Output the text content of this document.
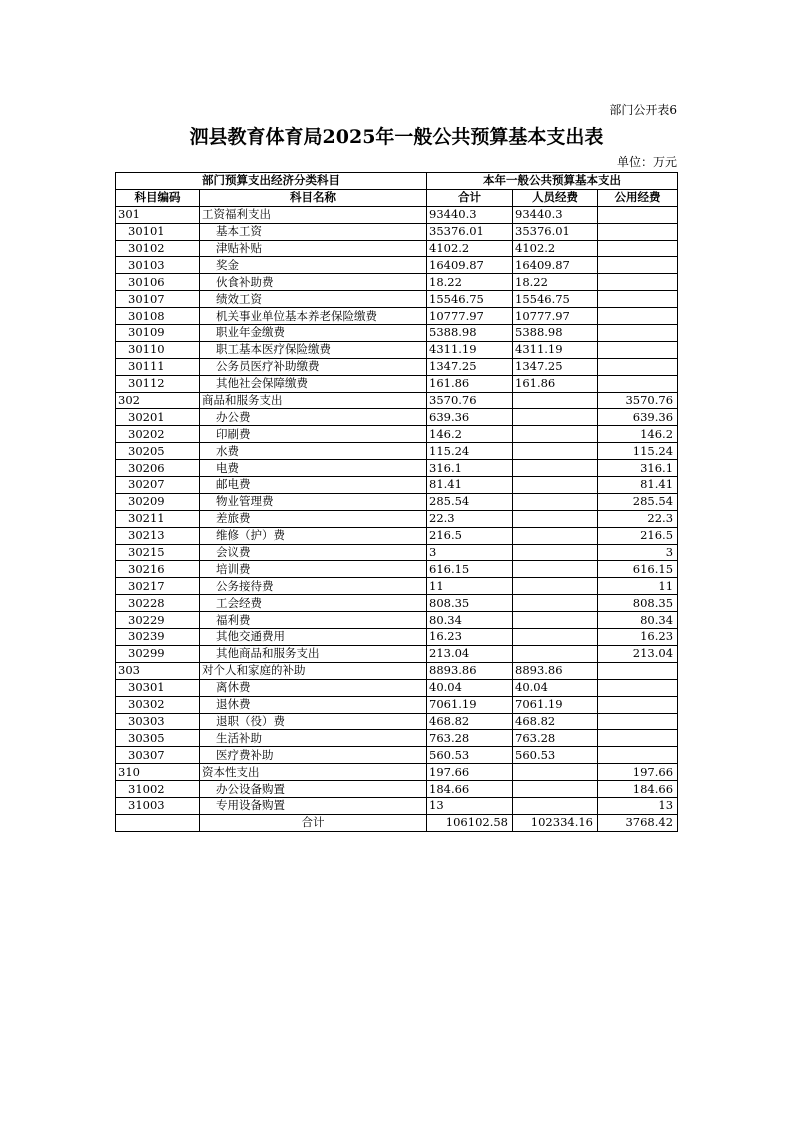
部门公开表6
泗县教育体育局2025年一般公共预算基本支出表
单位：万元
部门预算支出经济分类科目		本年一般公共预算基本支出		
科目编码	科目名称	合计	人员经费	公用经费
301	工资福利支出	93440.3	93440.3	
30101	基本工资	35376.01	35376.01	
30102	津贴补贴	4102.2	4102.2	
30103	奖金	16409.87	16409.87	
30106	伙食补助费	18.22	18.22	
30107	绩效工资	15546.75	15546.75	
30108	机关事业单位基本养老保险缴费	10777.97	10777.97	
30109	职业年金缴费	5388.98	5388.98	
30110	职工基本医疗保险缴费	4311.19	4311.19	
30111	公务员医疗补助缴费	1347.25	1347.25	
30112	其他社会保障缴费	161.86	161.86	
302	商品和服务支出	3570.76		3570.76
30201	办公费	639.36		639.36
30202	印刷费	146.2		146.2
30205	水费	115.24		115.24
30206	电费	316.1		316.1
30207	邮电费	81.41		81.41
30209	物业管理费	285.54		285.54
30211	差旅费	22.3		22.3
30213	维修（护）费	216.5		216.5
30215	会议费	3		3
30216	培训费	616.15		616.15
30217	公务接待费	11		11
30228	工会经费	808.35		808.35
30229	福利费	80.34		80.34
30239	其他交通费用	16.23		16.23
30299	其他商品和服务支出	213.04		213.04
303	对个人和家庭的补助	8893.86	8893.86	
30301	离休费	40.04	40.04	
30302	退休费	7061.19	7061.19	
30303	退职（役）费	468.82	468.82	
30305	生活补助	763.28	763.28	
30307	医疗费补助	560.53	560.53	
310	资本性支出	197.66		197.66
31002	办公设备购置	184.66		184.66
31003	专用设备购置	13		13
	合计	106102.58	102334.16	3768.42
